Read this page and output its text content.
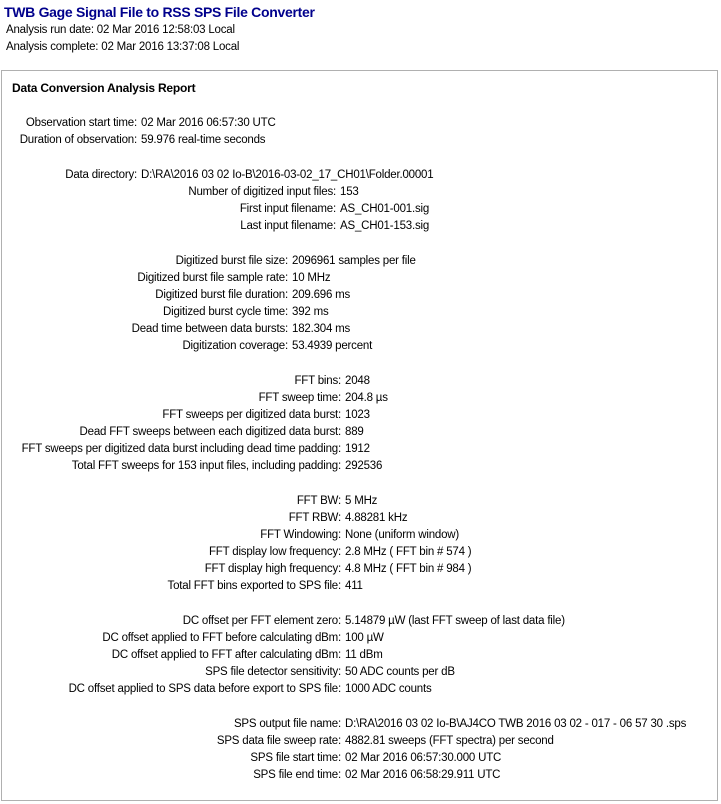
TWB Gage Signal File to RSS SPS File Converter
Analysis run date: 02 Mar 2016 12:58:03 Local
Analysis complete: 02 Mar 2016 13:37:08 Local
Data Conversion Analysis Report
Observation start time: 02 Mar 2016 06:57:30 UTC
Duration of observation: 59.976 real-time seconds
Data directory: D:\RA\2016 03 02 Io-B\2016-03-02_17_CH01\Folder.00001
Number of digitized input files: 153
First input filename: AS_CH01-001.sig
Last input filename: AS_CH01-153.sig
Digitized burst file size: 2096961 samples per file
Digitized burst file sample rate: 10 MHz
Digitized burst file duration: 209.696 ms
Digitized burst cycle time: 392 ms
Dead time between data bursts: 182.304 ms
Digitization coverage: 53.4939 percent
FFT bins: 2048
FFT sweep time: 204.8 µs
FFT sweeps per digitized data burst: 1023
Dead FFT sweeps between each digitized data burst: 889
FFT sweeps per digitized data burst including dead time padding: 1912
Total FFT sweeps for 153 input files, including padding: 292536
FFT BW: 5 MHz
FFT RBW: 4.88281 kHz
FFT Windowing: None (uniform window)
FFT display low frequency: 2.8 MHz ( FFT bin # 574 )
FFT display high frequency: 4.8 MHz ( FFT bin # 984 )
Total FFT bins exported to SPS file: 411
DC offset per FFT element zero: 5.14879 µW (last FFT sweep of last data file)
DC offset applied to FFT before calculating dBm: 100 µW
DC offset applied to FFT after calculating dBm: 11 dBm
SPS file detector sensitivity: 50 ADC counts per dB
DC offset applied to SPS data before export to SPS file: 1000 ADC counts
SPS output file name: D:\RA\2016 03 02 Io-B\AJ4CO TWB 2016 03 02 - 017 - 06 57 30 .sps
SPS data file sweep rate: 4882.81 sweeps (FFT spectra) per second
SPS file start time: 02 Mar 2016 06:57:30.000 UTC
SPS file end time: 02 Mar 2016 06:58:29.911 UTC
